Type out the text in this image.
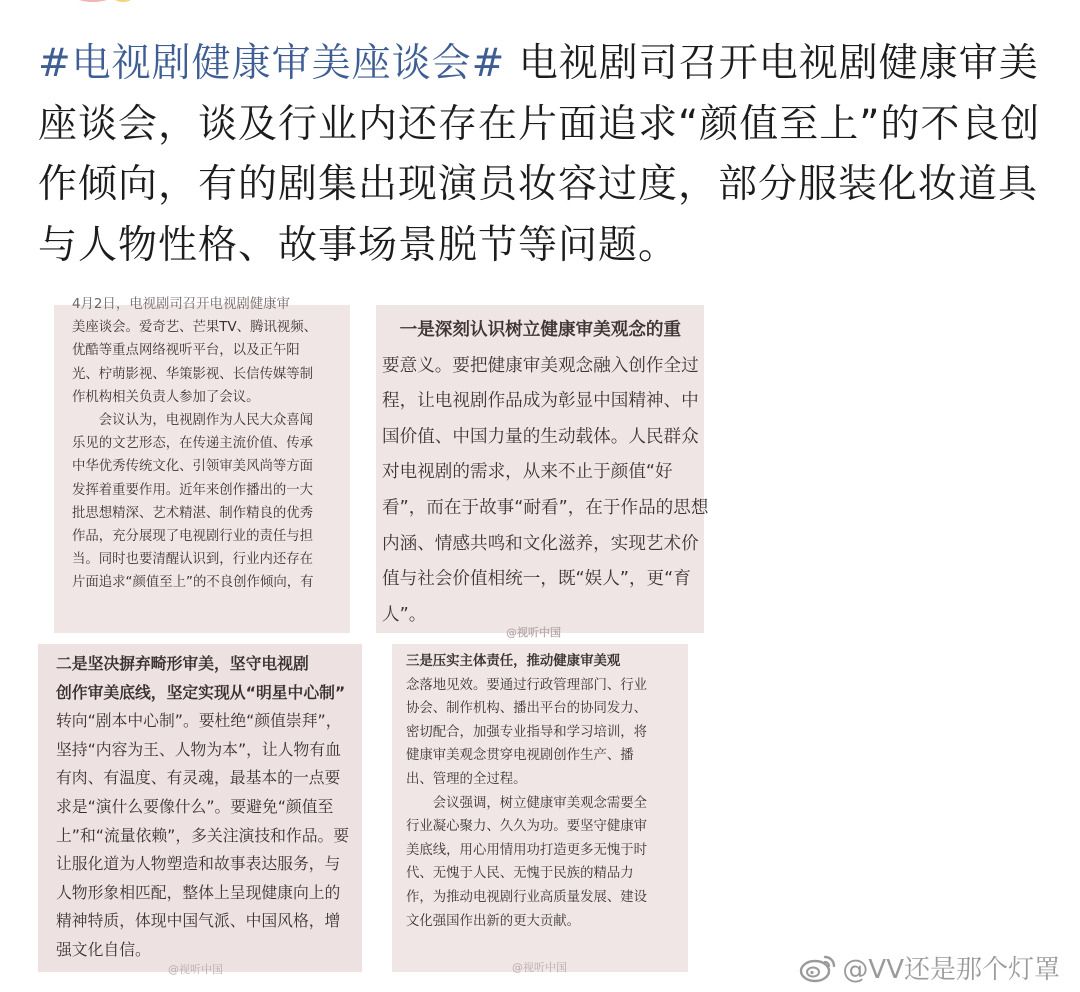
#电视剧健康审美座谈会# 电视剧司召开电视剧健康审美座谈会，谈及行业内还存在片面追求“颜值至上”的不良创作倾向，有的剧集出现演员妆容过度，部分服装化妆道具与人物性格、故事场景脱节等问题。

4月2日，电视剧司召开电视剧健康审
美座谈会。爱奇艺、芒果TV、腾讯视频、
优酷等重点网络视听平台，以及正午阳
光、柠萌影视、华策影视、长信传媒等制
作机构相关负责人参加了会议。
会议认为，电视剧作为人民大众喜闻
乐见的文艺形态，在传递主流价值、传承
中华优秀传统文化、引领审美风尚等方面
发挥着重要作用。近年来创作播出的一大
批思想精深、艺术精湛、制作精良的优秀
作品，充分展现了电视剧行业的责任与担
当。同时也要清醒认识到，行业内还存在
片面追求“颜值至上”的不良创作倾向，有
　一是深刻认识树立健康审美观念的重
要意义。要把健康审美观念融入创作全过
程，让电视剧作品成为彰显中国精神、中
国价值、中国力量的生动载体。人民群众
对电视剧的需求，从来不止于颜值“好
看”，而在于故事“耐看”，在于作品的思想
内涵、情感共鸣和文化滋养，实现艺术价
值与社会价值相统一，既“娱人”，更“育
人”。
@视听中国
二是坚决摒弃畸形审美，坚守电视剧
创作审美底线，坚定实现从“明星中心制”
转向“剧本中心制”。要杜绝“颜值崇拜”，
坚持“内容为王、人物为本”，让人物有血
有肉、有温度、有灵魂，最基本的一点要
求是“演什么要像什么”。要避免“颜值至
上”和“流量依赖”，多关注演技和作品。要
让服化道为人物塑造和故事表达服务，与
人物形象相匹配，整体上呈现健康向上的
精神特质，体现中国气派、中国风格，增
强文化自信。
@视听中国
三是压实主体责任，推动健康审美观
念落地见效。要通过行政管理部门、行业
协会、制作机构、播出平台的协同发力、
密切配合，加强专业指导和学习培训，将
健康审美观念贯穿电视剧创作生产、播
出、管理的全过程。
会议强调，树立健康审美观念需要全
行业凝心聚力、久久为功。要坚守健康审
美底线，用心用情用功打造更多无愧于时
代、无愧于人民、无愧于民族的精品力
作，为推动电视剧行业高质量发展、建设
文化强国作出新的更大贡献。
@视听中国	@VV还是那个灯罩
